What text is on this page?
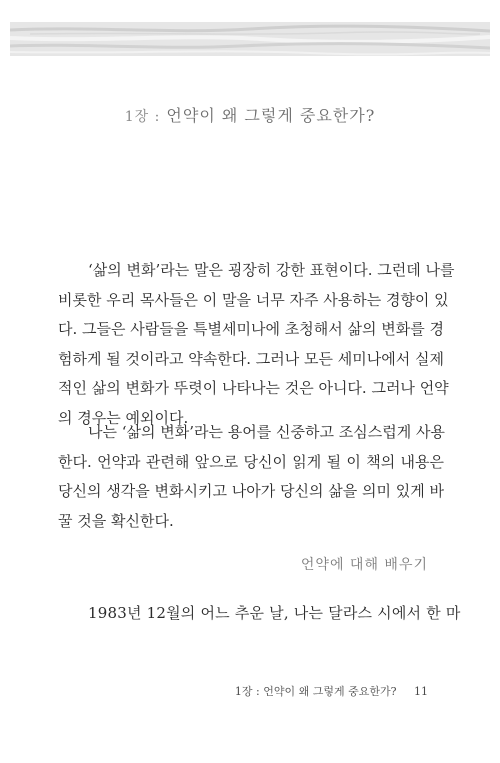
1장 : 언약이 왜 그렇게 중요한가?

‘삶의 변화’라는 말은 굉장히 강한 표현이다. 그런데 나를
비롯한 우리 목사들은 이 말을 너무 자주 사용하는 경향이 있
다. 그들은 사람들을 특별세미나에 초청해서 삶의 변화를 경
험하게 될 것이라고 약속한다. 그러나 모든 세미나에서 실제
적인 삶의 변화가 뚜렷이 나타나는 것은 아니다. 그러나 언약
의 경우는 예외이다.

나는 ‘삶의 변화’라는 용어를 신중하고 조심스럽게 사용
한다. 언약과 관련해 앞으로 당신이 읽게 될 이 책의 내용은
당신의 생각을 변화시키고 나아가 당신의 삶을 의미 있게 바
꿀 것을 확신한다.

언약에 대해 배우기

1983년 12월의 어느 추운 날, 나는 달라스 시에서 한 마

1장 : 언약이 왜 그렇게 중요한가? 11
